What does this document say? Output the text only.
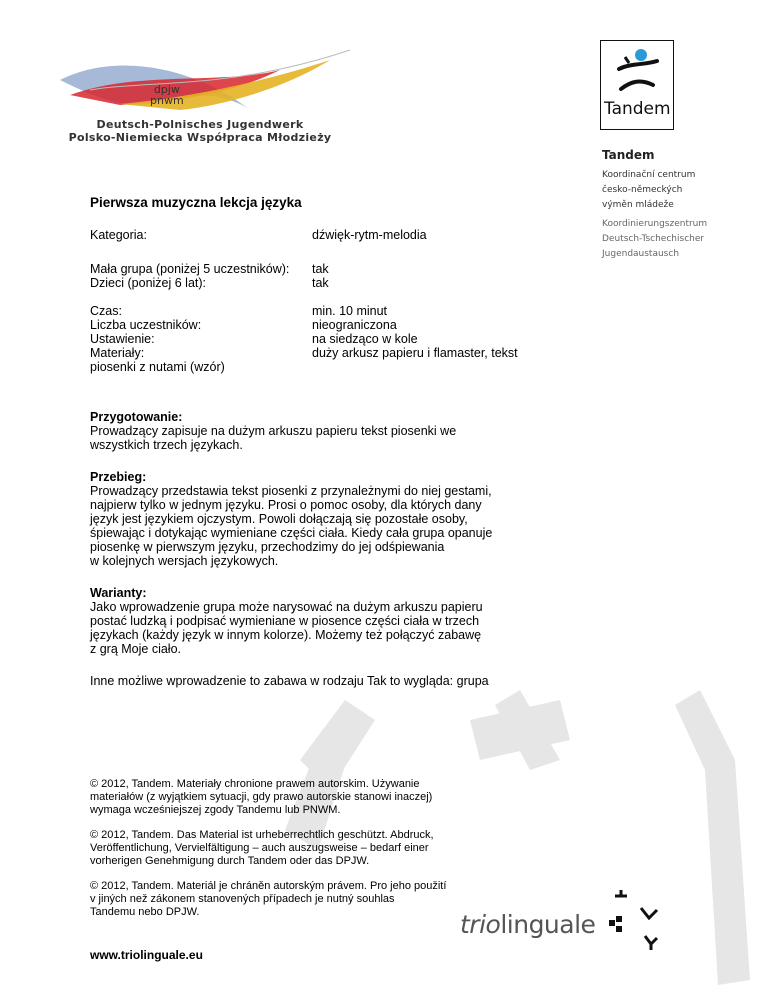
dpjw
pnwm
Deutsch-Polnisches Jugendwerk
Polsko-Niemiecka Współpraca Młodzieży
Tandem
Tandem
Koordinační centrum
česko-německých
výměn mládeže
Koordinierungszentrum
Deutsch-Tschechischer
Jugendaustausch
Pierwsza muzyczna lekcja języka
Kategoria:	dźwięk-rytm-melodia
Mała grupa (poniżej 5 uczestników):	tak
Dzieci (poniżej 6 lat):	tak
Czas:	min. 10 minut
Liczba uczestników:	nieograniczona
Ustawienie:	na siedząco w kole
Materiały:	duży arkusz papieru i flamaster, tekst
piosenki z nutami (wzór)
Przygotowanie:

Prowadzący zapisuje na dużym arkuszu papieru tekst piosenki we

wszystkich trzech językach.

Przebieg:

Prowadzący przedstawia tekst piosenki z przynależnymi do niej gestami,

najpierw tylko w jednym języku. Prosi o pomoc osoby, dla których dany

język jest językiem ojczystym. Powoli dołączają się pozostałe osoby,

śpiewając i dotykając wymieniane części ciała. Kiedy cała grupa opanuje

piosenkę w pierwszym języku, przechodzimy do jej odśpiewania

w kolejnych wersjach językowych.

Warianty:

Jako wprowadzenie grupa może narysować na dużym arkuszu papieru

postać ludzką i podpisać wymieniane w piosence części ciała w trzech

językach (każdy język w innym kolorze). Możemy też połączyć zabawę

z grą Moje ciało.

Inne możliwe wprowadzenie to zabawa w rodzaju Tak to wygląda: grupa

© 2012, Tandem. Materiały chronione prawem autorskim. Używanie
materiałów (z wyjątkiem sytuacji, gdy prawo autorskie stanowi inaczej)
wymaga wcześniejszej zgody Tandemu lub PNWM.

© 2012, Tandem. Das Material ist urheberrechtlich geschützt. Abdruck,
Veröffentlichung, Vervielfältigung – auch auszugsweise – bedarf einer
vorherigen Genehmigung durch Tandem oder das DPJW.

© 2012, Tandem. Materiál je chráněn autorským právem. Pro jeho použití
v jiných než zákonem stanovených případech je nutný souhlas
Tandemu nebo DPJW.

www.triolinguale.eu
triolinguale
